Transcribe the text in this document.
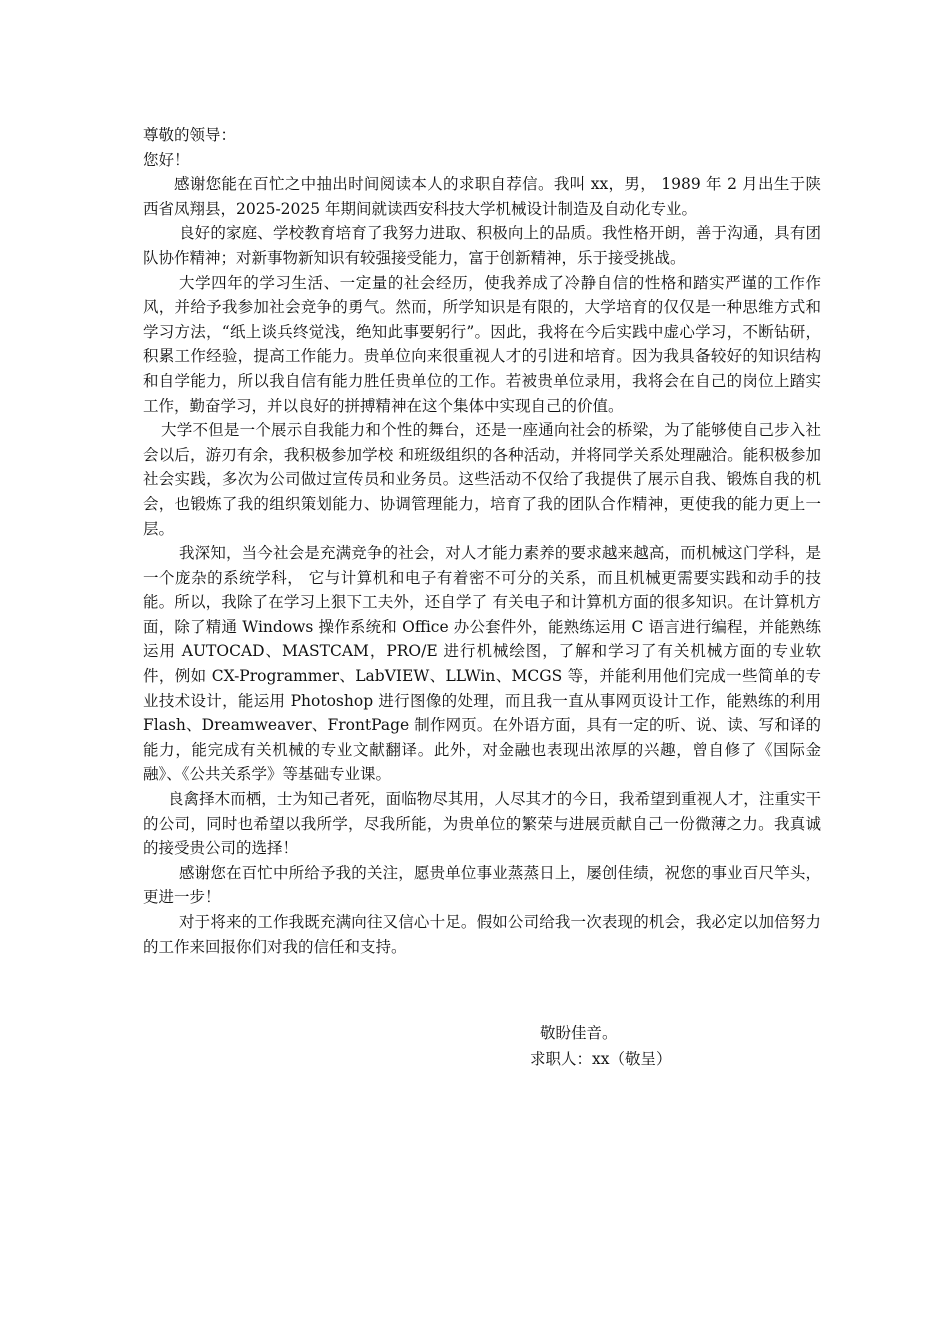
尊敬的领导：

您好！

感谢您能在百忙之中抽出时间阅读本人的求职自荐信。我叫 xx，男， 1989 年 2 月出生于陕西省凤翔县，2025-2025 年期间就读西安科技大学机械设计制造及自动化专业。

良好的家庭、学校教育培育了我努力进取、积极向上的品质。我性格开朗，善于沟通，具有团队协作精神；对新事物新知识有较强接受能力，富于创新精神，乐于接受挑战。

大学四年的学习生活、一定量的社会经历，使我养成了冷静自信的性格和踏实严谨的工作作风，并给予我参加社会竞争的勇气。然而，所学知识是有限的，大学培育的仅仅是一种思维方式和学习方法，“纸上谈兵终觉浅，绝知此事要躬行”。因此，我将在今后实践中虚心学习，不断钻研，积累工作经验，提高工作能力。贵单位向来很重视人才的引进和培育。因为我具备较好的知识结构和自学能力，所以我自信有能力胜任贵单位的工作。若被贵单位录用，我将会在自己的岗位上踏实工作，勤奋学习，并以良好的拼搏精神在这个集体中实现自己的价值。

大学不但是一个展示自我能力和个性的舞台，还是一座通向社会的桥梁，为了能够使自己步入社会以后，游刃有余，我积极参加学校 和班级组织的各种活动，并将同学关系处理融洽。能积极参加社会实践，多次为公司做过宣传员和业务员。这些活动不仅给了我提供了展示自我、锻炼自我的机会，也锻炼了我的组织策划能力、协调管理能力，培育了我的团队合作精神，更使我的能力更上一层。

我深知，当今社会是充满竞争的社会，对人才能力素养的要求越来越高，而机械这门学科，是一个庞杂的系统学科， 它与计算机和电子有着密不可分的关系，而且机械更需要实践和动手的技能。所以，我除了在学习上狠下工夫外，还自学了 有关电子和计算机方面的很多知识。在计算机方面，除了精通 Windows 操作系统和 Office 办公套件外，能熟练运用 C 语言进行编程，并能熟练运用 AUTOCAD、MASTCAM，PRO/E 进行机械绘图，了解和学习了有关机械方面的专业软件，例如 CX-Programmer、LabVIEW、LLWin、MCGS 等，并能利用他们完成一些简单的专业技术设计，能运用 Photoshop 进行图像的处理，而且我一直从事网页设计工作，能熟练的利用 Flash、Dreamweaver、FrontPage 制作网页。在外语方面，具有一定的听、说、读、写和译的能力，能完成有关机械的专业文献翻译。此外，对金融也表现出浓厚的兴趣，曾自修了《国际金融》、《公共关系学》等基础专业课。

良禽择木而栖，士为知己者死，面临物尽其用，人尽其才的今日，我希望到重视人才，注重实干的公司，同时也希望以我所学，尽我所能，为贵单位的繁荣与进展贡献自己一份微薄之力。我真诚的接受贵公司的选择！

感谢您在百忙中所给予我的关注，愿贵单位事业蒸蒸日上，屡创佳绩，祝您的事业百尺竿头，更进一步！

对于将来的工作我既充满向往又信心十足。假如公司给我一次表现的机会，我必定以加倍努力的工作来回报你们对我的信任和支持。

敬盼佳音。

求职人：xx（敬呈）
